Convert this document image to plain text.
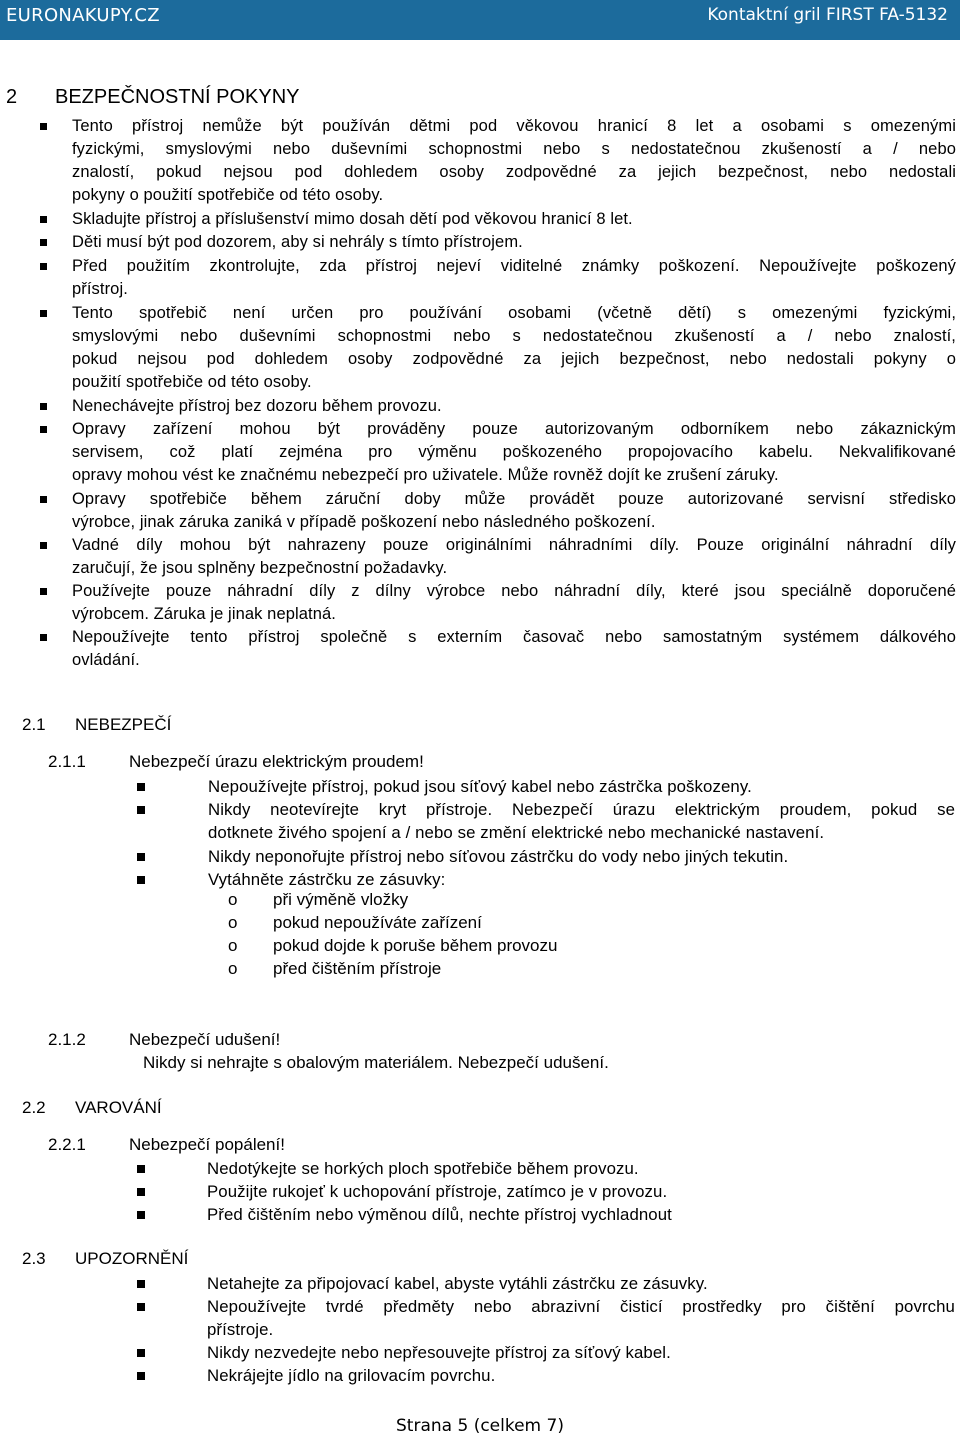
EURONAKUPY.CZ	Kontaktní gril FIRST FA-5132
2 BEZPEČNOSTNÍ POKYNY
Tento přístroj nemůže být používán dětmi pod věkovou hranicí 8 let a osobami s omezenými
fyzickými, smyslovými nebo duševními schopnostmi nebo s nedostatečnou zkušeností a / nebo
znalostí, pokud nejsou pod dohledem osoby zodpovědné za jejich bezpečnost, nebo nedostali
pokyny o použití spotřebiče od této osoby.
Skladujte přístroj a příslušenství mimo dosah dětí pod věkovou hranicí 8 let.
Děti musí být pod dozorem, aby si nehrály s tímto přístrojem.
Před použitím zkontrolujte, zda přístroj nejeví viditelné známky poškození. Nepoužívejte poškozený
přístroj.
Tento spotřebič není určen pro používání osobami (včetně dětí) s omezenými fyzickými,
smyslovými nebo duševními schopnostmi nebo s nedostatečnou zkušeností a / nebo znalostí,
pokud nejsou pod dohledem osoby zodpovědné za jejich bezpečnost, nebo nedostali pokyny o
použití spotřebiče od této osoby.
Nenechávejte přístroj bez dozoru během provozu.
Opravy zařízení mohou být prováděny pouze autorizovaným odborníkem nebo zákaznickým
servisem, což platí zejména pro výměnu poškozeného propojovacího kabelu. Nekvalifikované
opravy mohou vést ke značnému nebezpečí pro uživatele. Může rovněž dojít ke zrušení záruky.
Opravy spotřebiče během záruční doby může provádět pouze autorizované servisní středisko
výrobce, jinak záruka zaniká v případě poškození nebo následného poškození.
Vadné díly mohou být nahrazeny pouze originálními náhradními díly. Pouze originální náhradní díly
zaručují, že jsou splněny bezpečnostní požadavky.
Používejte pouze náhradní díly z dílny výrobce nebo náhradní díly, které jsou speciálně doporučené
výrobcem. Záruka je jinak neplatná.
Nepoužívejte tento přístroj společně s externím časovač nebo samostatným systémem dálkového
ovládání.
2.1 NEBEZPEČÍ
2.1.1	Nebezpečí úrazu elektrickým proudem!
Nepoužívejte přístroj, pokud jsou síťový kabel nebo zástrčka poškozeny.
Nikdy neotevírejte kryt přístroje. Nebezpečí úrazu elektrickým proudem, pokud se
dotknete živého spojení a / nebo se změní elektrické nebo mechanické nastavení.
Nikdy neponořujte přístroj nebo síťovou zástrčku do vody nebo jiných tekutin.
Vytáhněte zástrčku ze zásuvky:
o při výměně vložky
o pokud nepoužíváte zařízení
o pokud dojde k poruše během provozu
o před čištěním přístroje
2.1.2	Nebezpečí udušení!
Nikdy si nehrajte s obalovým materiálem. Nebezpečí udušení.
2.2 VAROVÁNÍ
2.2.1	Nebezpečí popálení!
Nedotýkejte se horkých ploch spotřebiče během provozu.
Použijte rukojeť k uchopování přístroje, zatímco je v provozu.
Před čištěním nebo výměnou dílů, nechte přístroj vychladnout
2.3 UPOZORNĚNÍ
Netahejte za připojovací kabel, abyste vytáhli zástrčku ze zásuvky.
Nepoužívejte tvrdé předměty nebo abrazivní čisticí prostředky pro čištění povrchu
přístroje.
Nikdy nezvedejte nebo nepřesouvejte přístroj za síťový kabel.
Nekrájejte jídlo na grilovacím povrchu.
Strana 5 (celkem 7)
